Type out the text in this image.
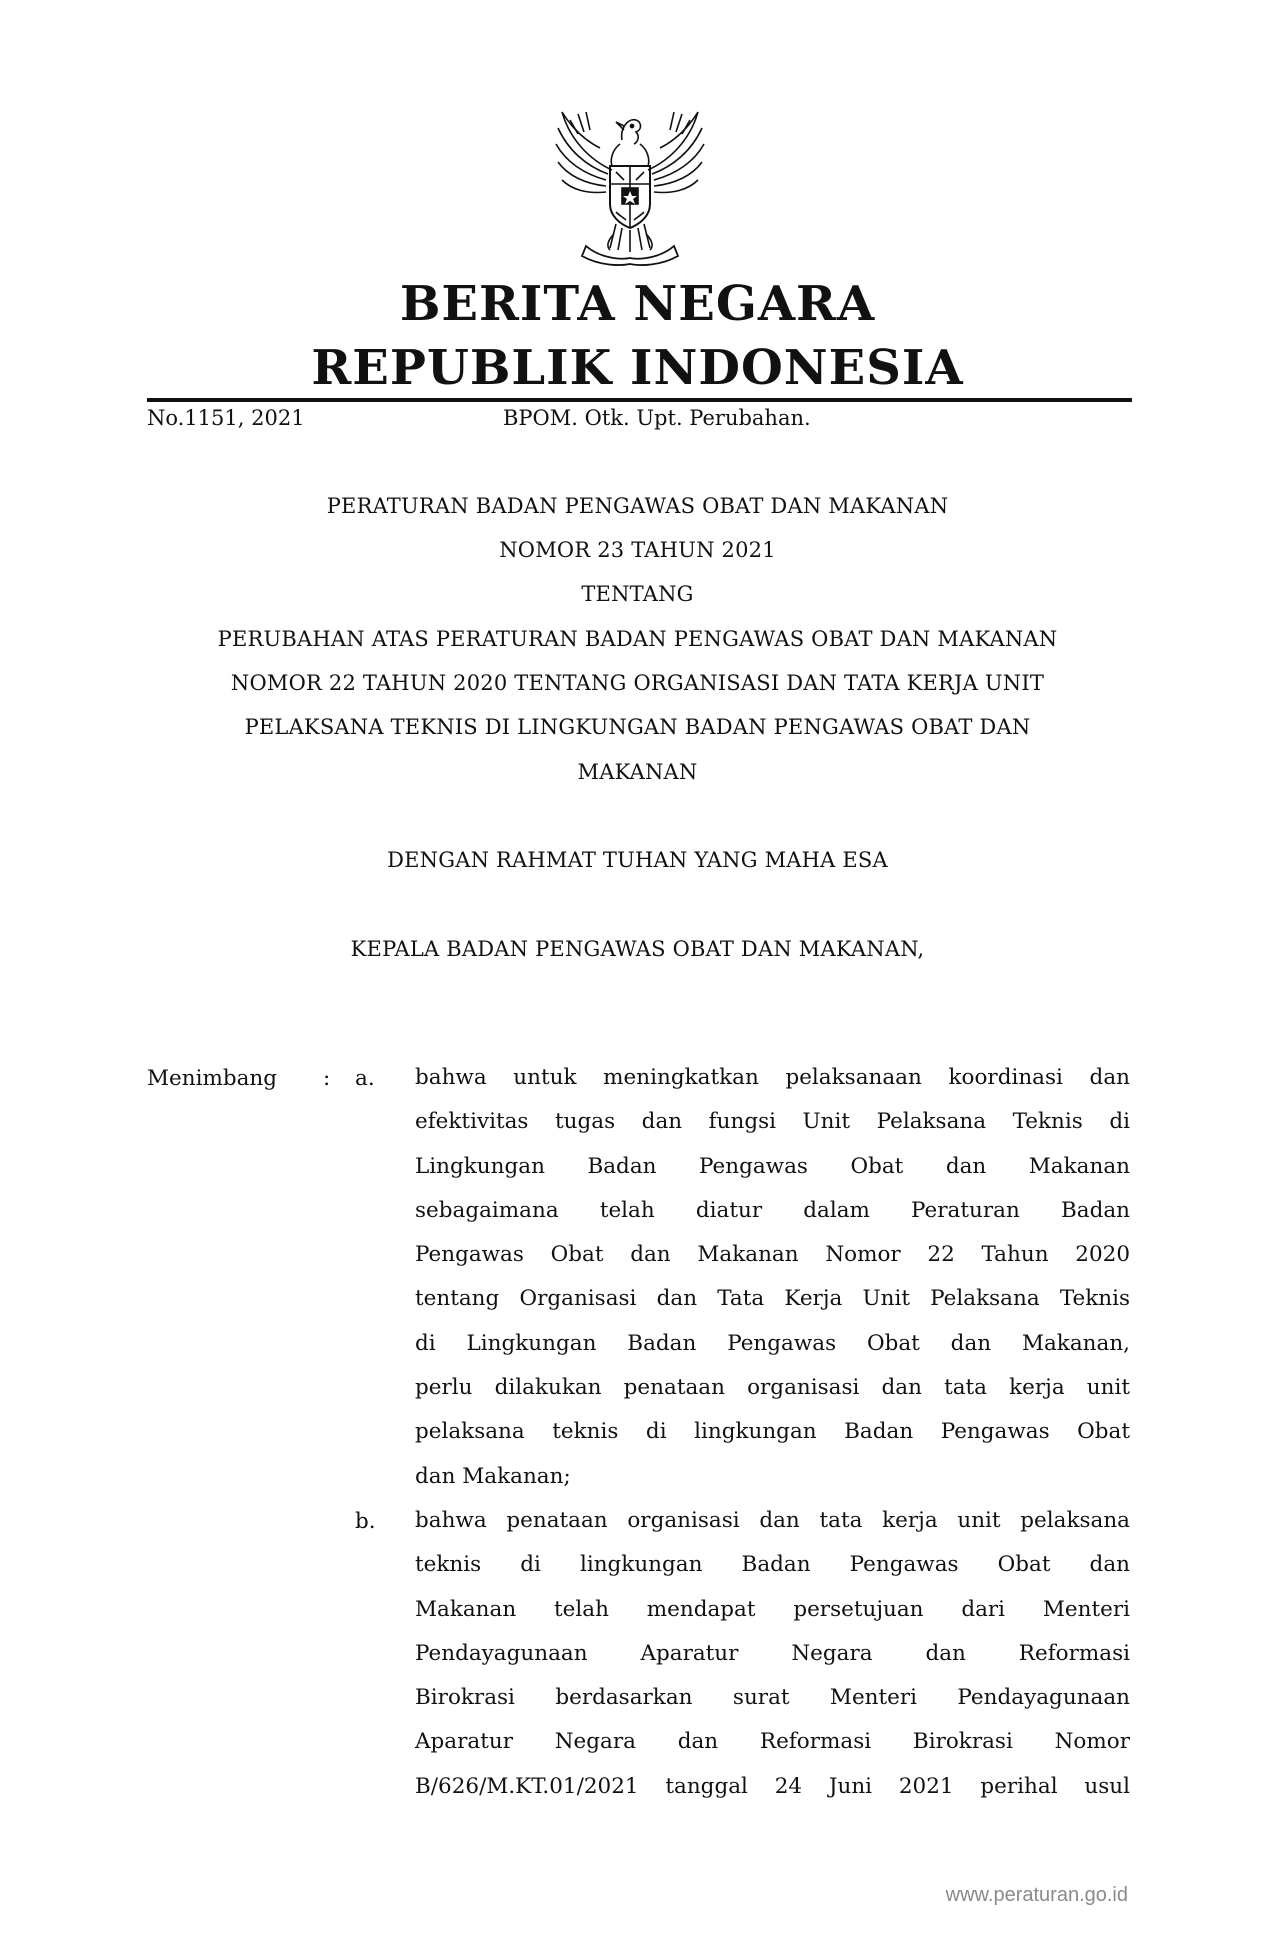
BERITA NEGARA
REPUBLIK INDONESIA
No.1151, 2021	BPOM. Otk. Upt. Perubahan.
PERATURAN BADAN PENGAWAS OBAT DAN MAKANAN
NOMOR 23 TAHUN 2021
TENTANG
PERUBAHAN ATAS PERATURAN BADAN PENGAWAS OBAT DAN MAKANAN
NOMOR 22 TAHUN 2020 TENTANG ORGANISASI DAN TATA KERJA UNIT
PELAKSANA TEKNIS DI LINGKUNGAN BADAN PENGAWAS OBAT DAN
MAKANAN
DENGAN RAHMAT TUHAN YANG MAHA ESA
KEPALA BADAN PENGAWAS OBAT DAN MAKANAN,
Menimbang : a. bahwa untuk meningkatkan pelaksanaan koordinasi dan
efektivitas tugas dan fungsi Unit Pelaksana Teknis di
Lingkungan Badan Pengawas Obat dan Makanan
sebagaimana telah diatur dalam Peraturan Badan
Pengawas Obat dan Makanan Nomor 22 Tahun 2020
tentang Organisasi dan Tata Kerja Unit Pelaksana Teknis
di Lingkungan Badan Pengawas Obat dan Makanan,
perlu dilakukan penataan organisasi dan tata kerja unit
pelaksana teknis di lingkungan Badan Pengawas Obat
dan Makanan;
b. bahwa penataan organisasi dan tata kerja unit pelaksana
teknis di lingkungan Badan Pengawas Obat dan
Makanan telah mendapat persetujuan dari Menteri
Pendayagunaan Aparatur Negara dan Reformasi
Birokrasi berdasarkan surat Menteri Pendayagunaan
Aparatur Negara dan Reformasi Birokrasi Nomor
B/626/M.KT.01/2021 tanggal 24 Juni 2021 perihal usul
www.peraturan.go.id
